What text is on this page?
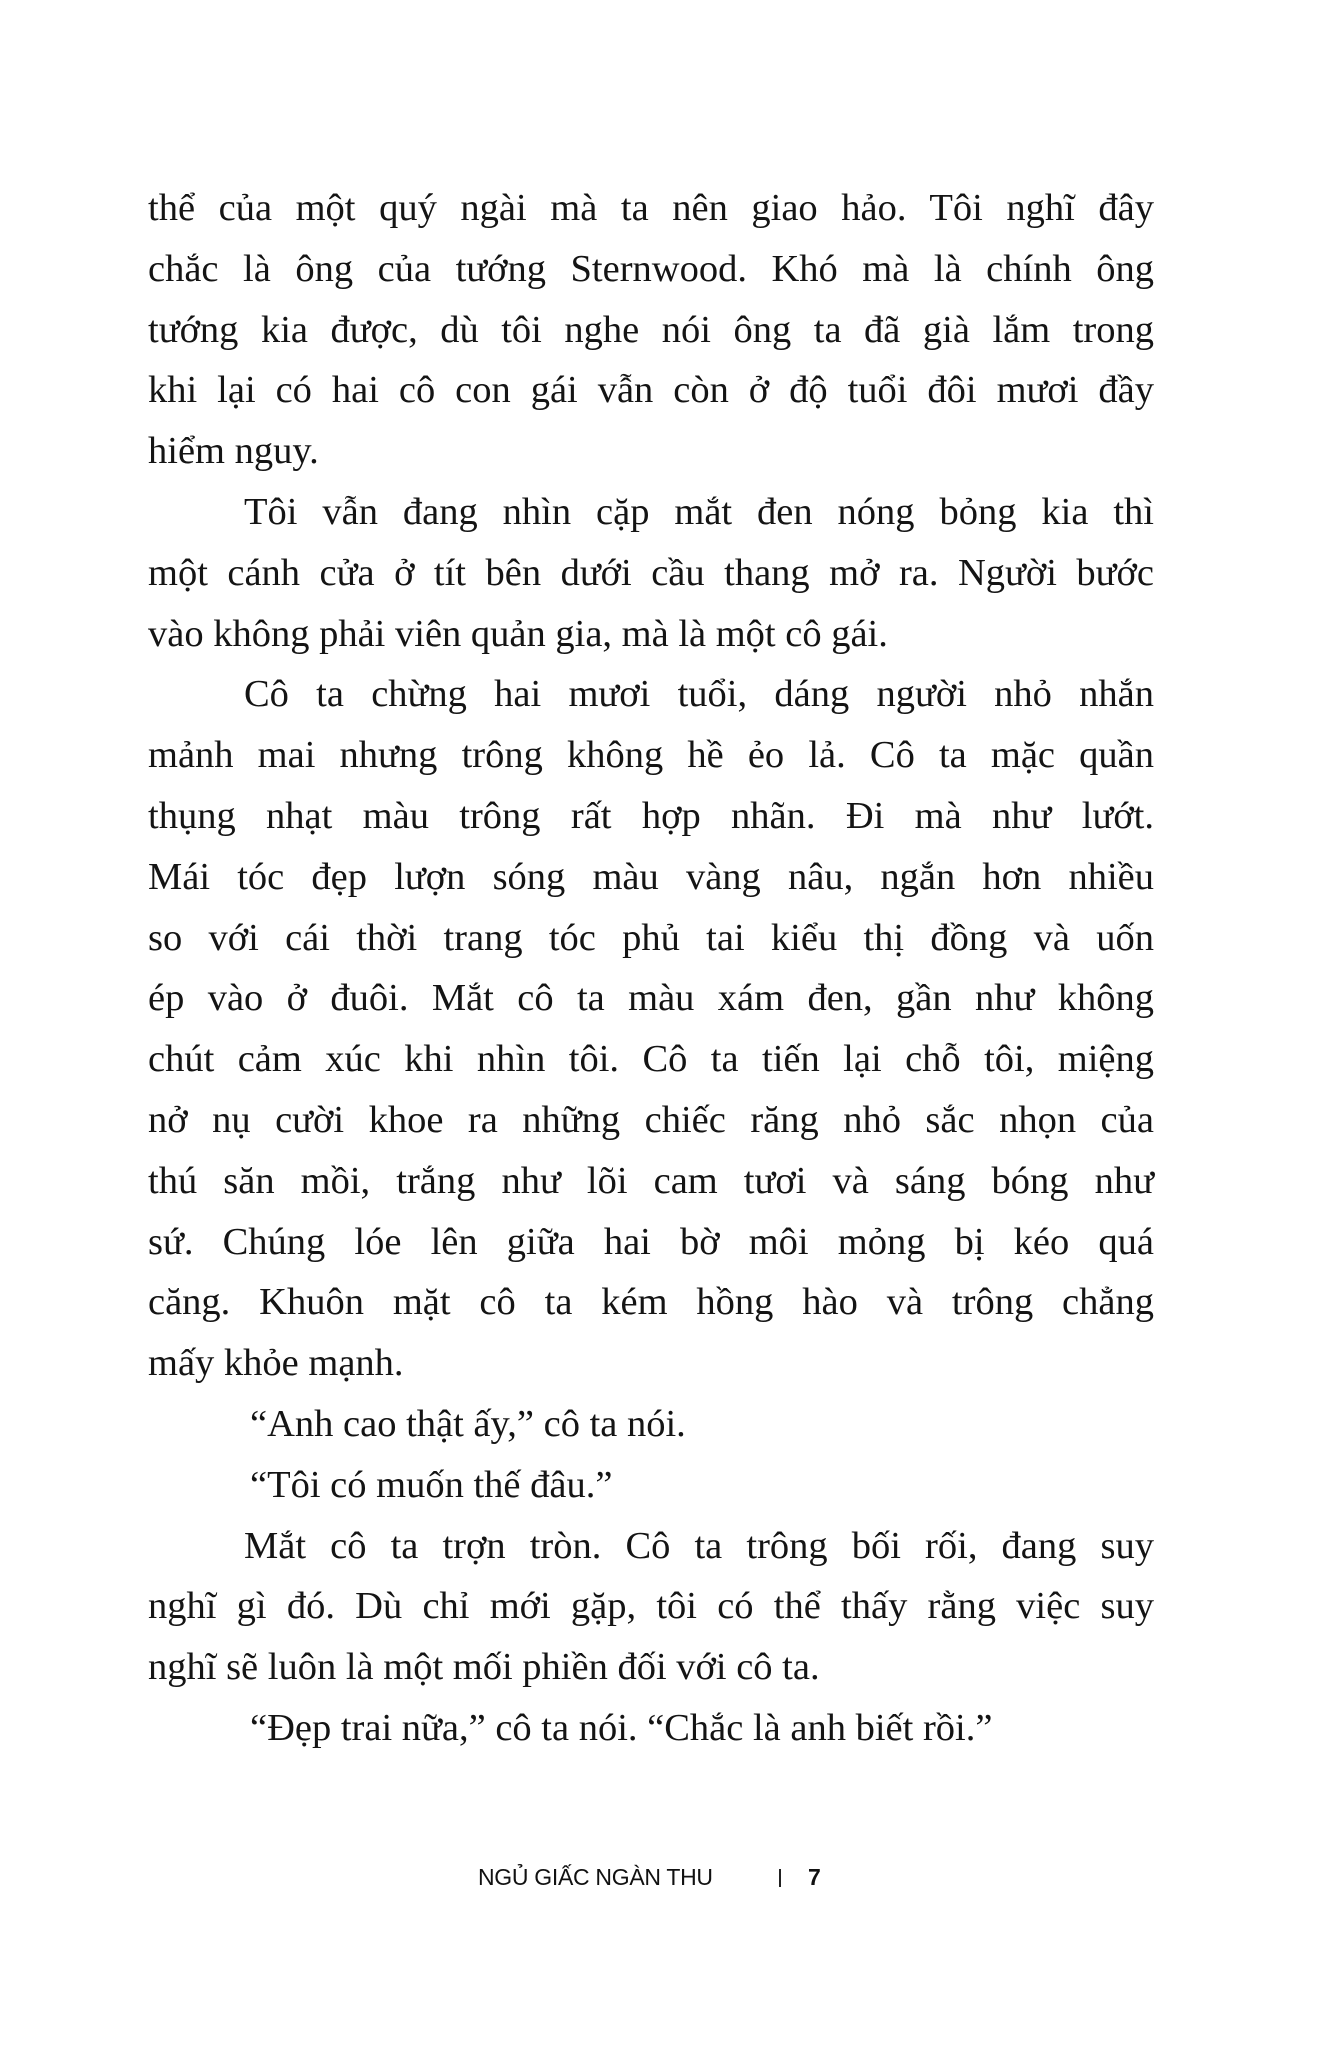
thể của một quý ngài mà ta nên giao hảo. Tôi nghĩ đây
chắc là ông của tướng Sternwood. Khó mà là chính ông
tướng kia được, dù tôi nghe nói ông ta đã già lắm trong
khi lại có hai cô con gái vẫn còn ở độ tuổi đôi mươi đầy
hiểm nguy.
Tôi vẫn đang nhìn cặp mắt đen nóng bỏng kia thì
một cánh cửa ở tít bên dưới cầu thang mở ra. Người bước
vào không phải viên quản gia, mà là một cô gái.
Cô ta chừng hai mươi tuổi, dáng người nhỏ nhắn
mảnh mai nhưng trông không hề ẻo lả. Cô ta mặc quần
thụng nhạt màu trông rất hợp nhãn. Đi mà như lướt.
Mái tóc đẹp lượn sóng màu vàng nâu, ngắn hơn nhiều
so với cái thời trang tóc phủ tai kiểu thị đồng và uốn
ép vào ở đuôi. Mắt cô ta màu xám đen, gần như không
chút cảm xúc khi nhìn tôi. Cô ta tiến lại chỗ tôi, miệng
nở nụ cười khoe ra những chiếc răng nhỏ sắc nhọn của
thú săn mồi, trắng như lõi cam tươi và sáng bóng như
sứ. Chúng lóe lên giữa hai bờ môi mỏng bị kéo quá
căng. Khuôn mặt cô ta kém hồng hào và trông chẳng
mấy khỏe mạnh.
“Anh cao thật ấy,” cô ta nói.
“Tôi có muốn thế đâu.”
Mắt cô ta trợn tròn. Cô ta trông bối rối, đang suy
nghĩ gì đó. Dù chỉ mới gặp, tôi có thể thấy rằng việc suy
nghĩ sẽ luôn là một mối phiền đối với cô ta.
“Đẹp trai nữa,” cô ta nói. “Chắc là anh biết rồi.”
NGỦ GIẤC NGÀN THU	7
